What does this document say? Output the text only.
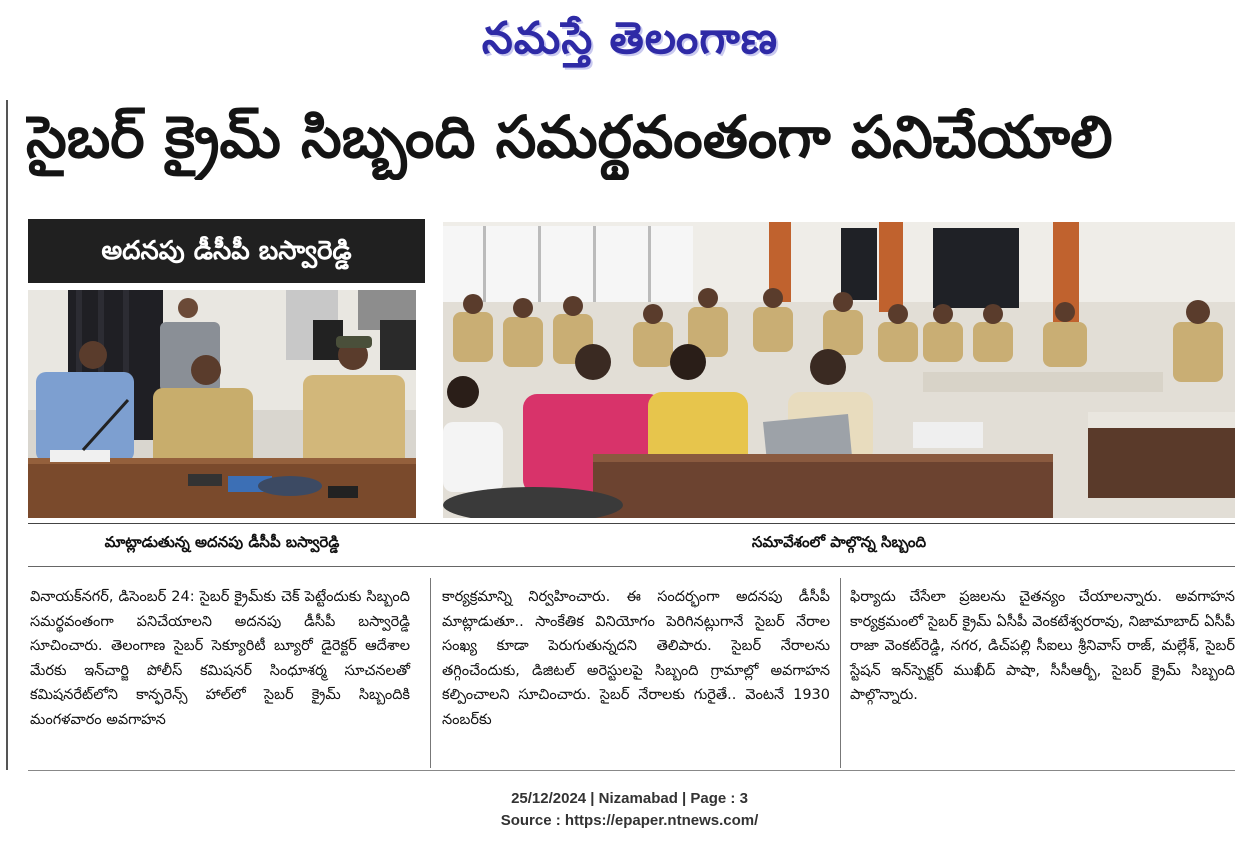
నమస్తే తెలంగాణ
సైబర్ క్రైమ్ సిబ్బంది సమర్థవంతంగా పనిచేయాలి
అదనపు డీసీపీ బస్వారెడ్డి
మాట్లాడుతున్న అదనపు డీసీపీ బస్వారెడ్డి	సమావేశంలో పాల్గొన్న సిబ్బంది
వినాయక్‌నగర్, డిసెంబర్ 24: సైబర్ క్రైమ్‌కు చెక్ పెట్టేందుకు సిబ్బంది సమర్థవంతంగా పనిచేయాలని అదనపు డీసీపీ బస్వారెడ్డి సూచించారు. తెలంగాణ సైబర్ సెక్యూరిటీ బ్యూరో డైరెక్టర్ ఆదేశాల మేరకు ఇన్‌చార్జి పోలీస్ కమిషనర్ సింధూశర్మ సూచనలతో కమిషనరేట్‌లోని కాన్ఫరెన్స్ హాల్‌లో సైబర్ క్రైమ్ సిబ్బందికి మంగళవారం అవగాహన
కార్యక్రమాన్ని నిర్వహించారు. ఈ సందర్భంగా అదనపు డీసీపీ మాట్లాడుతూ.. సాంకేతిక వినియోగం పెరిగినట్లుగానే సైబర్ నేరాల సంఖ్య కూడా పెరుగుతున్నదని తెలిపారు. సైబర్ నేరాలను తగ్గించేందుకు, డిజిటల్ అరెస్టులపై సిబ్బంది గ్రామాల్లో అవగాహన కల్పించాలని సూచించారు. సైబర్ నేరాలకు గురైతే.. వెంటనే 1930 నంబర్‌కు
ఫిర్యాదు చేసేలా ప్రజలను చైతన్యం చేయాలన్నారు. అవగాహన కార్యక్రమంలో సైబర్ క్రైమ్ ఏసీపీ వెంకటేశ్వరరావు, నిజామాబాద్ ఏసీపీ రాజా వెంకట్‌రెడ్డి, నగర, డిచ్‌పల్లి సీఐలు శ్రీనివాస్ రాజ్, మల్లేశ్, సైబర్ స్టేషన్ ఇన్‌స్పెక్టర్ ముఖీద్ పాషా, సీసీఆర్బీ, సైబర్ క్రైమ్ సిబ్బంది పాల్గొన్నారు.
25/12/2024 | Nizamabad | Page : 3
Source : https://epaper.ntnews.com/
